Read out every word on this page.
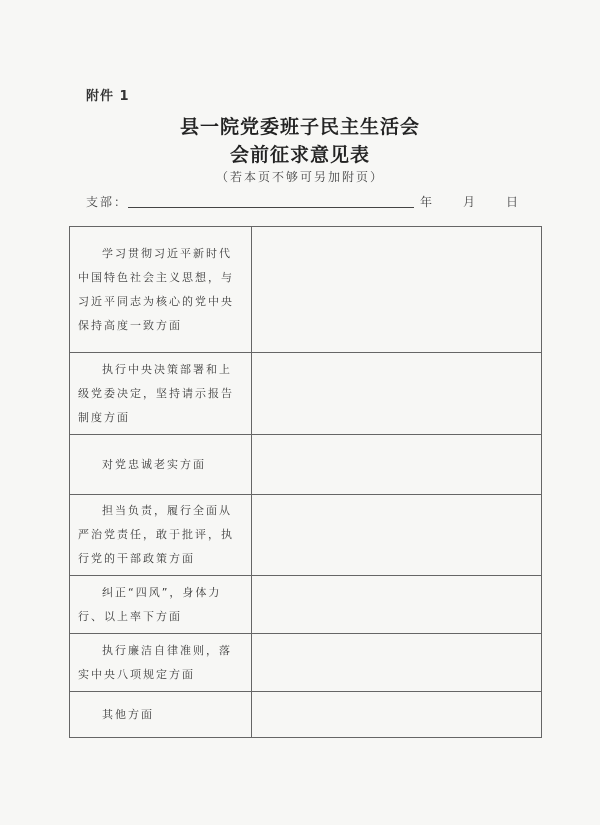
附件 1
县一院党委班子民主生活会
会前征求意见表
（若本页不够可另加附页）
支部：	年	月	日
学习贯彻习近平新时代中国特色社会主义思想，与习近平同志为核心的党中央保持高度一致方面	

执行中央决策部署和上级党委决定，坚持请示报告制度方面	

对党忠诚老实方面	

担当负责，履行全面从严治党责任，敢于批评，执行党的干部政策方面	

纠正“四风”，身体力行、以上率下方面	

执行廉洁自律准则，落实中央八项规定方面	

其他方面	
